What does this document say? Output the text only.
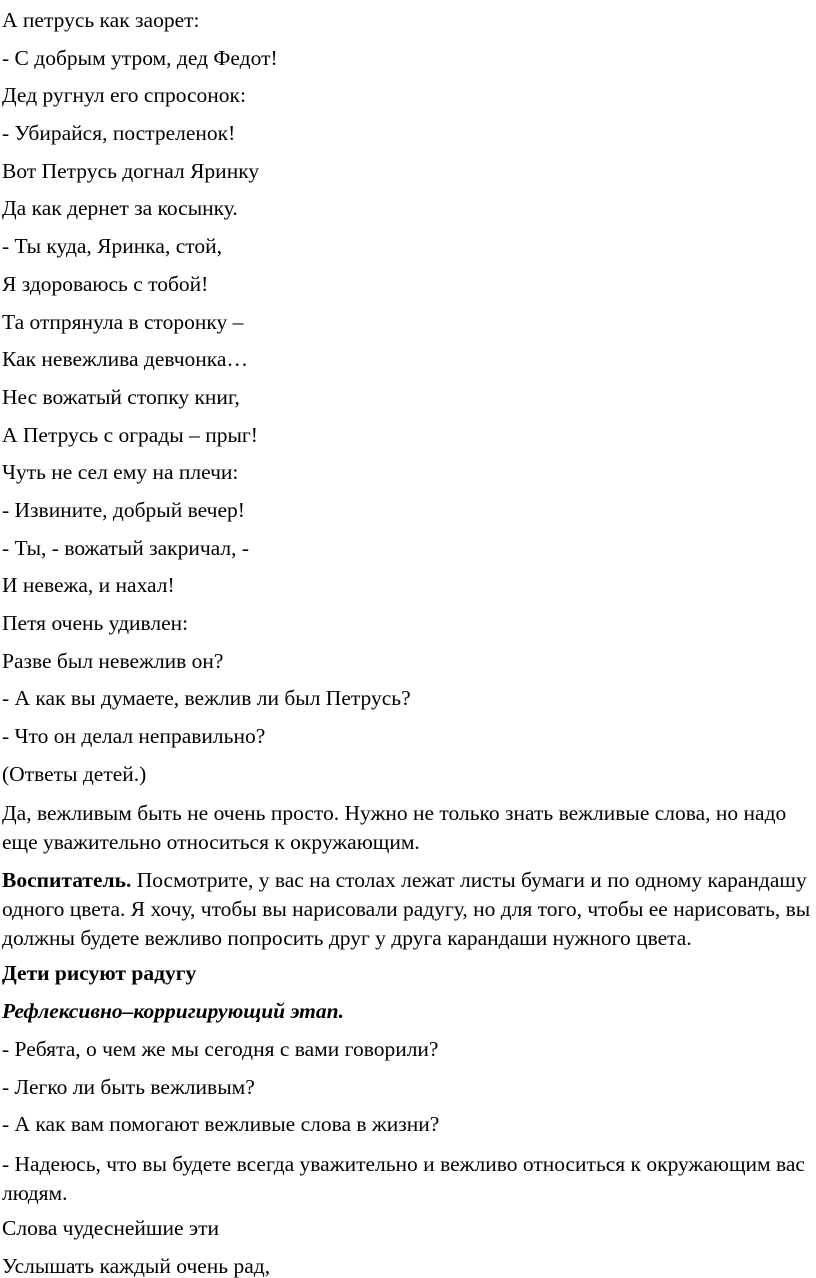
А петрусь как заорет:
- С добрым утром, дед Федот!
Дед ругнул его спросонок:
- Убирайся, постреленок!
Вот Петрусь догнал Яринку
Да как дернет за косынку.
- Ты куда, Яринка, стой,
Я здороваюсь с тобой!
Та отпрянула в сторонку –
Как невежлива девчонка…
Нес вожатый стопку книг,
А Петрусь с ограды – прыг!
Чуть не сел ему на плечи:
- Извините, добрый вечер!
- Ты, - вожатый закричал, -
И невежа, и нахал!
Петя очень удивлен:
Разве был невежлив он?
- А как вы думаете, вежлив ли был Петрусь?
- Что он делал неправильно?
(Ответы детей.)

Да, вежливым быть не очень просто. Нужно не только знать вежливые слова, но надо еще уважительно относиться к окружающим.

Воспитатель. Посмотрите, у вас на столах лежат листы бумаги и по одному карандашу одного цвета. Я хочу, чтобы вы нарисовали радугу, но для того, чтобы ее нарисовать, вы должны будете вежливо попросить друг у друга карандаши нужного цвета.

Дети рисуют радугу
Рефлексивно–корригирующий этап.
- Ребята, о чем же мы сегодня с вами говорили?
- Легко ли быть вежливым?
- А как вам помогают вежливые слова в жизни?

- Надеюсь, что вы будете всегда уважительно и вежливо относиться к окружающим вас людям.

Слова чудеснейшие эти
Услышать каждый очень рад,
